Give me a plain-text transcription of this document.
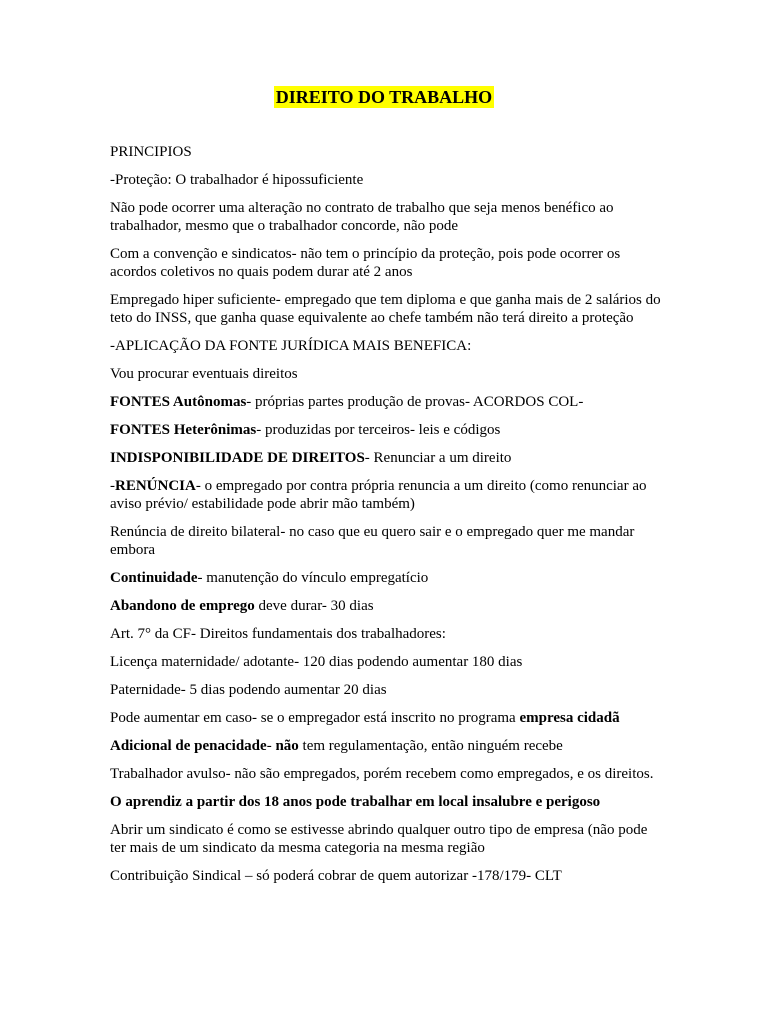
DIREITO DO TRABALHO
PRINCIPIOS
-Proteção: O trabalhador é hipossuficiente
Não pode ocorrer uma alteração no contrato de trabalho que seja menos benéfico ao trabalhador, mesmo que o trabalhador concorde, não pode
Com a convenção e sindicatos- não tem o princípio da proteção, pois pode ocorrer os acordos coletivos no quais podem durar até 2 anos
Empregado hiper suficiente- empregado que tem diploma e que ganha mais de 2 salários do teto do INSS, que ganha quase equivalente ao chefe também não terá direito a proteção
-APLICAÇÃO DA FONTE JURÍDICA MAIS BENEFICA:
Vou procurar eventuais direitos
FONTES Autônomas- próprias partes produção de provas- ACORDOS COL-
FONTES Heterônimas- produzidas por terceiros- leis e códigos
INDISPONIBILIDADE DE DIREITOS- Renunciar a um direito
-RENÚNCIA- o empregado por contra própria renuncia a um direito (como renunciar ao aviso prévio/ estabilidade pode abrir mão também)
Renúncia de direito bilateral- no caso que eu quero sair e o empregado quer me mandar embora
Continuidade- manutenção do vínculo empregatício
Abandono de emprego deve durar- 30 dias
Art. 7° da CF- Direitos fundamentais dos trabalhadores:
Licença maternidade/ adotante- 120 dias podendo aumentar 180 dias
Paternidade- 5 dias podendo aumentar 20 dias
Pode aumentar em caso- se o empregador está inscrito no programa empresa cidadã
Adicional de penacidade- não tem regulamentação, então ninguém recebe
Trabalhador avulso- não são empregados, porém recebem como empregados, e os direitos.
O aprendiz a partir dos 18 anos pode trabalhar em local insalubre e perigoso
Abrir um sindicato é como se estivesse abrindo qualquer outro tipo de empresa (não pode ter mais de um sindicato da mesma categoria na mesma região
Contribuição Sindical – só poderá cobrar de quem autorizar -178/179- CLT
